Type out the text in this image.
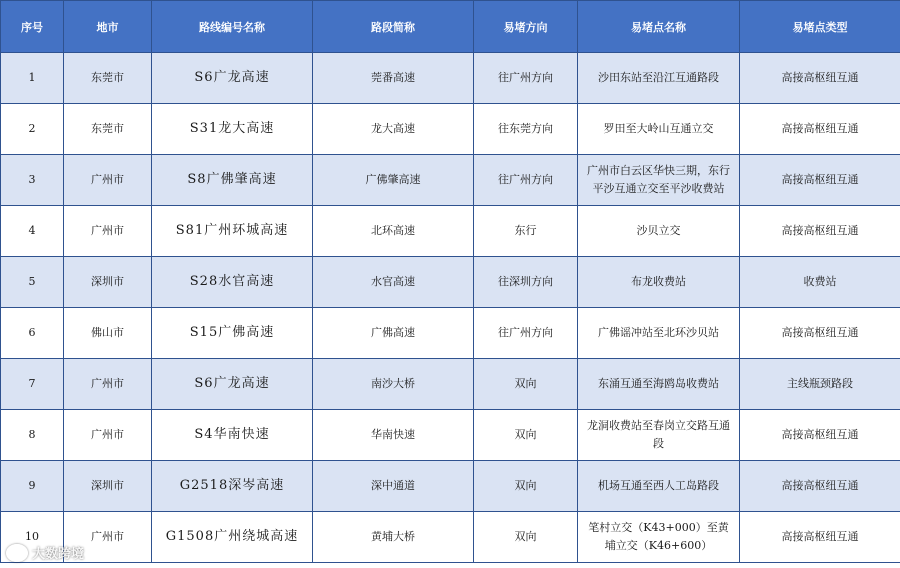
序号	地市	路线编号名称	路段简称	易堵方向	易堵点名称	易堵点类型
1	东莞市	S6广龙高速	莞番高速	往广州方向	沙田东站至沿江互通路段	高接高枢纽互通
2	东莞市	S31龙大高速	龙大高速	往东莞方向	罗田至大岭山互通立交	高接高枢纽互通
3	广州市	S8广佛肇高速	广佛肇高速	往广州方向	广州市白云区华快三期，东行平沙互通立交至平沙收费站	高接高枢纽互通
4	广州市	S81广州环城高速	北环高速	东行	沙贝立交	高接高枢纽互通
5	深圳市	S28水官高速	水官高速	往深圳方向	布龙收费站	收费站
6	佛山市	S15广佛高速	广佛高速	往广州方向	广佛谣冲站至北环沙贝站	高接高枢纽互通
7	广州市	S6广龙高速	南沙大桥	双向	东涌互通至海鸥岛收费站	主线瓶颈路段
8	广州市	S4华南快速	华南快速	双向	龙洞收费站至春岗立交路互通段	高接高枢纽互通
9	深圳市	G2518深岑高速	深中通道	双向	机场互通至西人工岛路段	高接高枢纽互通
10	广州市	G1508广州绕城高速	黄埔大桥	双向	笔村立交（K43+000）至黄埔立交（K46+600）	高接高枢纽互通
大数跨境
